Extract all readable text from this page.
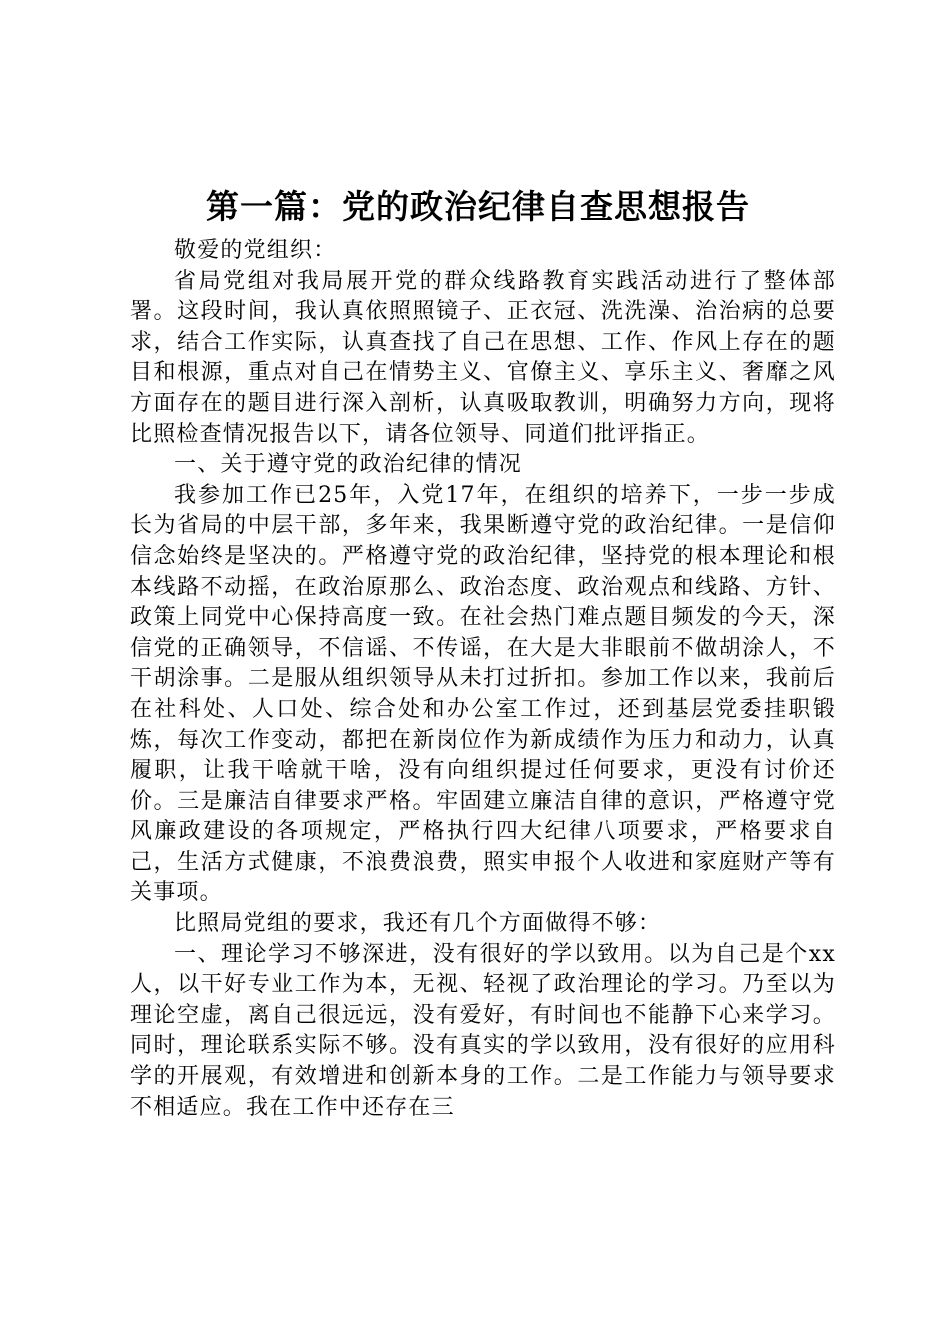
第一篇：党的政治纪律自查思想报告

敬爱的党组织：

省局党组对我局展开党的群众线路教育实践活动进行了整体部署。这段时间，我认真依照照镜子、正衣冠、洗洗澡、治治病的总要求，结合工作实际，认真查找了自己在思想、工作、作风上存在的题目和根源，重点对自己在情势主义、官僚主义、享乐主义、奢靡之风方面存在的题目进行深入剖析，认真吸取教训，明确努力方向，现将比照检查情况报告以下，请各位领导、同道们批评指正。

一、关于遵守党的政治纪律的情况

我参加工作已25年，入党17年，在组织的培养下，一步一步成长为省局的中层干部，多年来，我果断遵守党的政治纪律。一是信仰信念始终是坚决的。严格遵守党的政治纪律，坚持党的根本理论和根本线路不动摇，在政治原那么、政治态度、政治观点和线路、方针、政策上同党中心保持高度一致。在社会热门难点题目频发的今天，深信党的正确领导，不信谣、不传谣，在大是大非眼前不做胡涂人，不干胡涂事。二是服从组织领导从未打过折扣。参加工作以来，我前后在社科处、人口处、综合处和办公室工作过，还到基层党委挂职锻炼，每次工作变动，都把在新岗位作为新成绩作为压力和动力，认真履职，让我干啥就干啥，没有向组织提过任何要求，更没有讨价还价。三是廉洁自律要求严格。牢固建立廉洁自律的意识，严格遵守党风廉政建设的各项规定，严格执行四大纪律八项要求，严格要求自己，生活方式健康，不浪费浪费，照实申报个人收进和家庭财产等有关事项。

比照局党组的要求，我还有几个方面做得不够：

一、理论学习不够深进，没有很好的学以致用。以为自己是个xx人，以干好专业工作为本，无视、轻视了政治理论的学习。乃至以为理论空虚，离自己很远远，没有爱好，有时间也不能静下心来学习。同时，理论联系实际不够。没有真实的学以致用，没有很好的应用科学的开展观，有效增进和创新本身的工作。二是工作能力与领导要求不相适应。我在工作中还存在三
